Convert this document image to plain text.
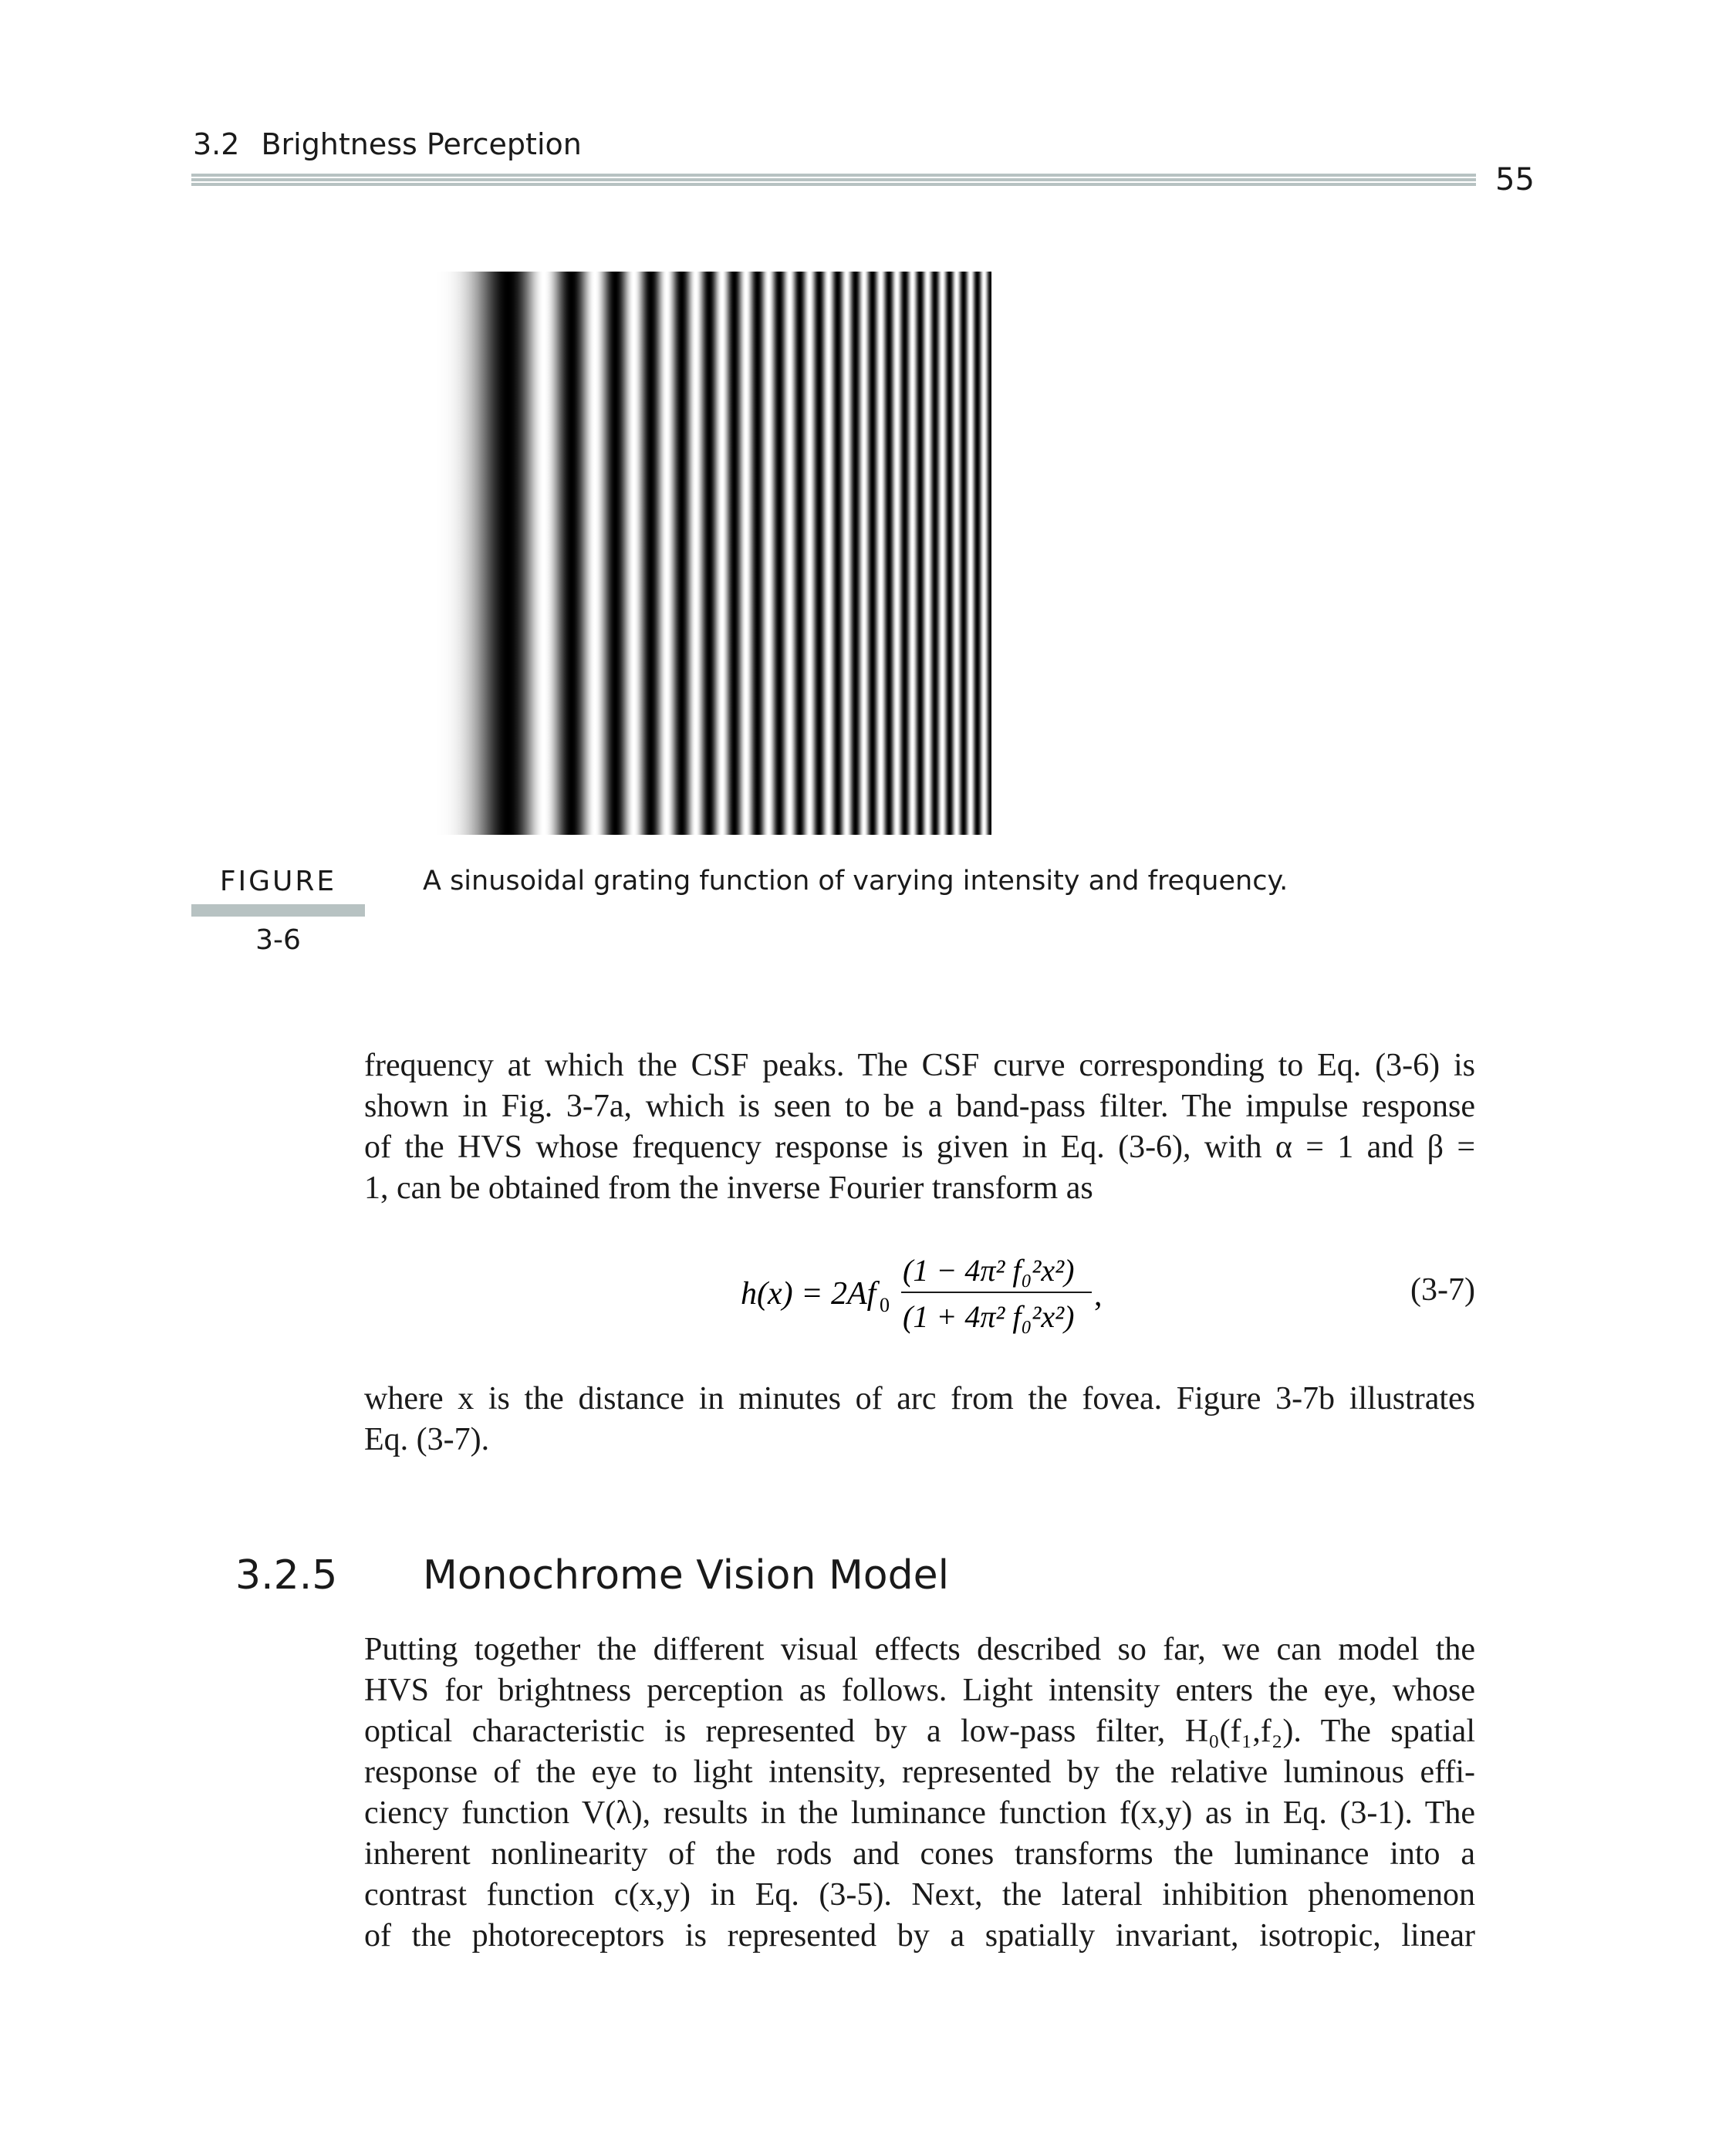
3.2 Brightness Perception
55
FIGURE
3-6
A sinusoidal grating function of varying intensity and frequency.
frequency at which the CSF peaks. The CSF curve corresponding to Eq. (3-6) is
shown in Fig. 3-7a, which is seen to be a band-pass filter. The impulse response
of the HVS whose frequency response is given in Eq. (3-6), with α = 1 and β =
1, can be obtained from the inverse Fourier transform as
h(x) = 2Af 0
(1 − 4π² f₀²x²)
(1 + 4π² f₀²x²)
,	(3-7)
where x is the distance in minutes of arc from the fovea. Figure 3-7b illustrates
Eq. (3-7).
3.2.5 Monochrome Vision Model
Putting together the different visual effects described so far, we can model the
HVS for brightness perception as follows. Light intensity enters the eye, whose
optical characteristic is represented by a low-pass filter, H₀(f₁,f₂). The spatial
response of the eye to light intensity, represented by the relative luminous effi-
ciency function V(λ), results in the luminance function f(x,y) as in Eq. (3-1). The
inherent nonlinearity of the rods and cones transforms the luminance into a
contrast function c(x,y) in Eq. (3-5). Next, the lateral inhibition phenomenon
of the photoreceptors is represented by a spatially invariant, isotropic, linear
